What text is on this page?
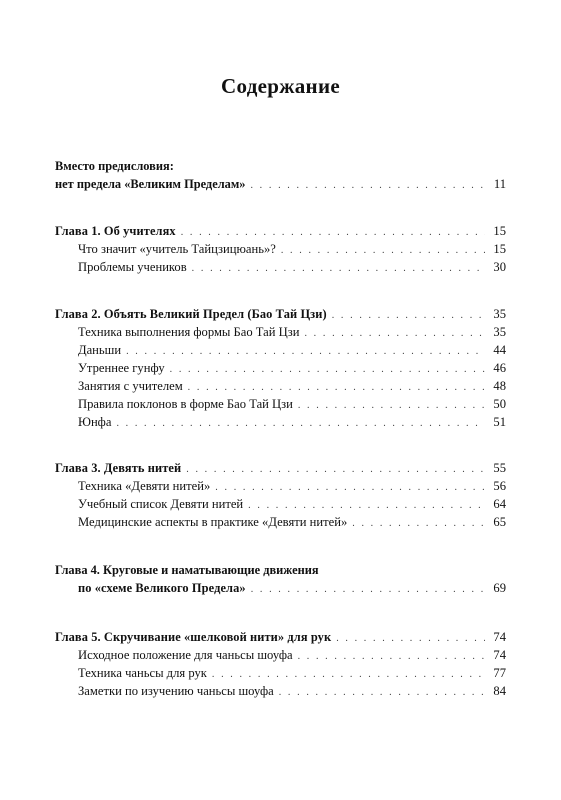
Содержание
Вместо предисловия:
нет предела «Великим Пределам» . . .	11
Глава 1. Об учителях . . .	15
Что значит «учитель Тайцзицюань»? . . .	15
Проблемы учеников . . .	30
Глава 2. Объять Великий Предел (Бао Тай Цзи) . . .	35
Техника выполнения формы Бао Тай Цзи . . .	35
Даньши . . .	44
Утреннее гунфу . . .	46
Занятия с учителем . . .	48
Правила поклонов в форме Бао Тай Цзи . . .	50
Юнфа . . .	51
Глава 3. Девять нитей . . .	55
Техника «Девяти нитей» . . .	56
Учебный список Девяти нитей . . .	64
Медицинские аспекты в практике «Девяти нитей» . . .	65
Глава 4. Круговые и наматывающие движения
по «схеме Великого Предела» . . .	69
Глава 5. Скручивание «шелковой нити» для рук . . .	74
Исходное положение для чаньсы шоуфа . . .	74
Техника чаньсы для рук . . .	77
Заметки по изучению чаньсы шоуфа . . .	84
